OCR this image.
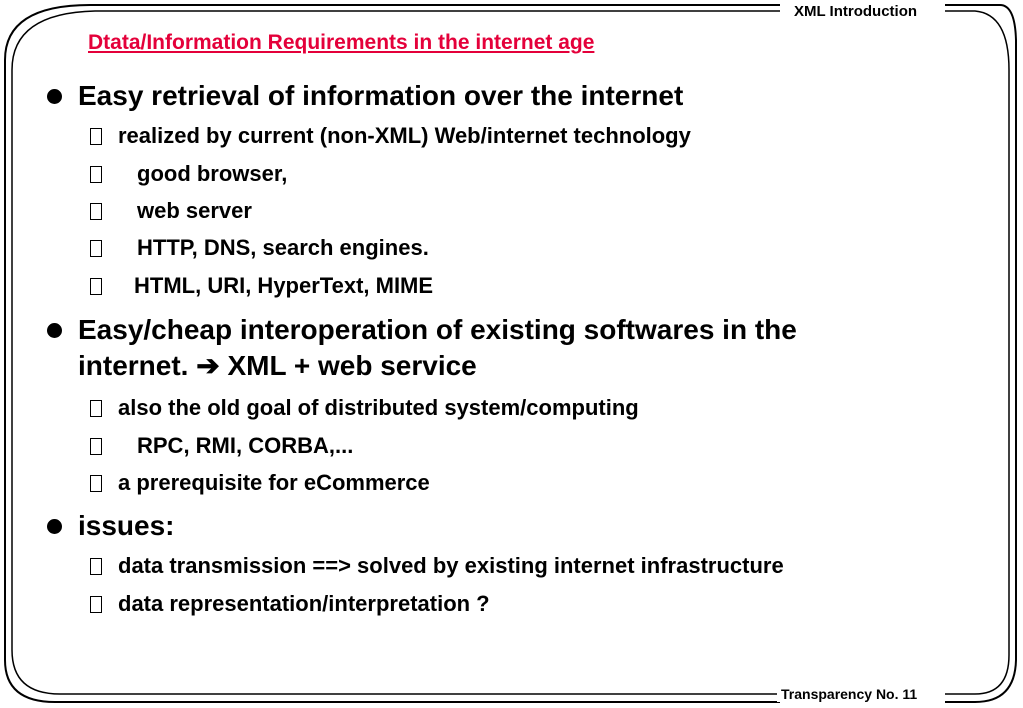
XML Introduction
Dtata/Information Requirements in the internet age
Easy retrieval of information over the internet
realized by current (non-XML) Web/internet technology
good browser,
web server
HTTP, DNS, search engines.
HTML, URI, HyperText, MIME
Easy/cheap interoperation of existing softwares in the
internet. ➔ XML + web service
also the old goal of distributed system/computing
RPC, RMI, CORBA,...
a prerequisite for eCommerce
issues:
data transmission ==> solved by existing internet infrastructure
data representation/interpretation ?
Transparency No. 11
